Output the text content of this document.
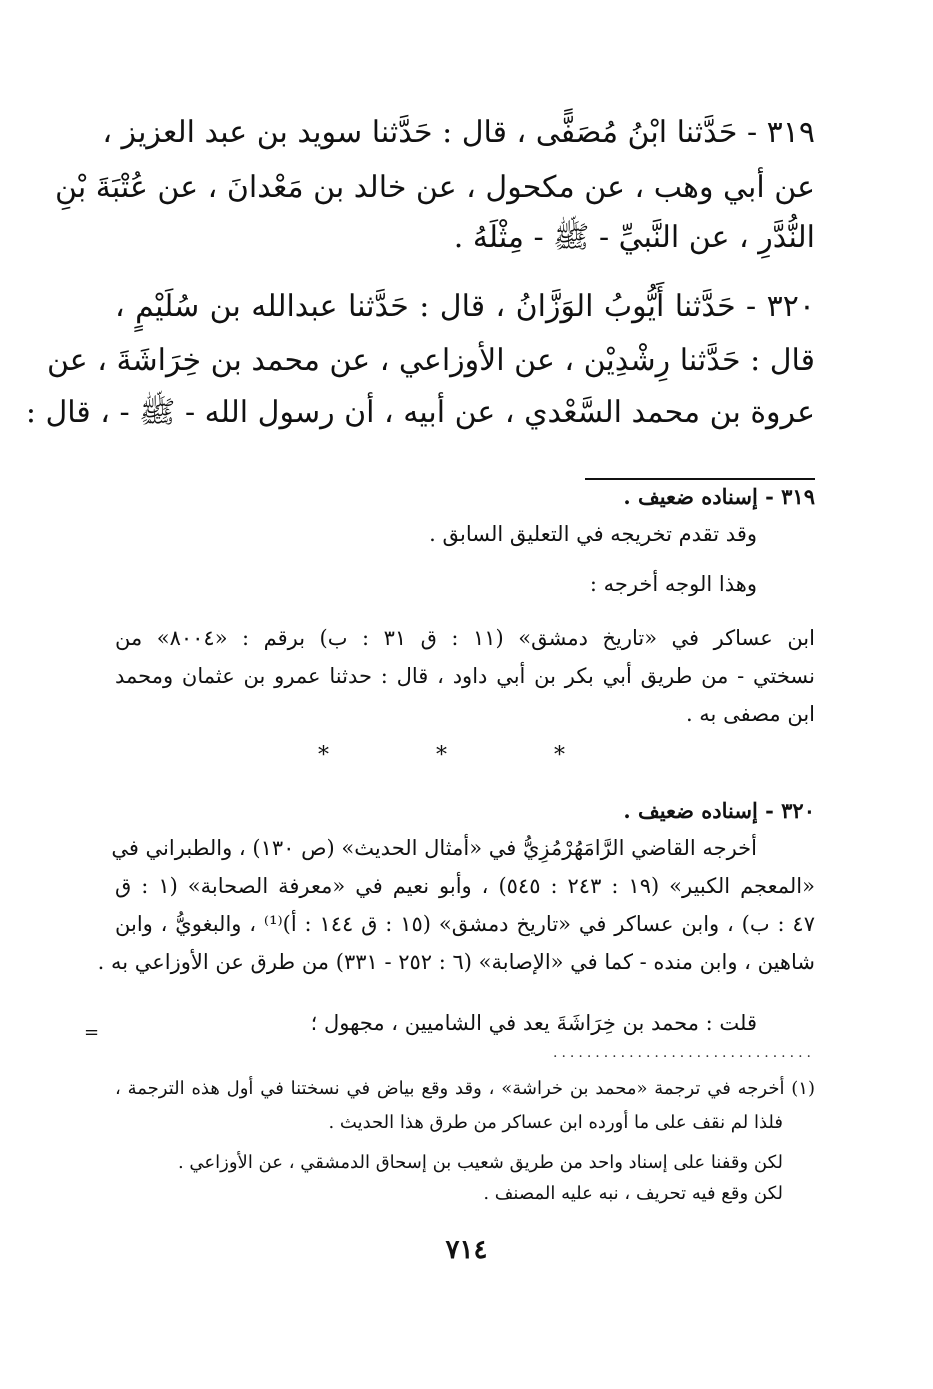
٣١٩ - حَدَّثنا ابْنُ مُصَفًّى ، قال : حَدَّثنا سويد بن عبد العزيز ،
عن أبي وهب ، عن مكحول ، عن خالد بن مَعْدانَ ، عن عُتْبَةَ بْنِ
النُّدَّرِ ، عن النَّبيِّ - ﷺ - مِثْلَهُ .
٣٢٠ - حَدَّثنا أَيُّوبُ الوَزَّانُ ، قال : حَدَّثنا عبدالله بن سُلَيْمٍ ،
قال : حَدَّثنا رِشْدِيْن ، عن الأوزاعي ، عن محمد بن خِرَاشَةَ ، عن
عروة بن محمد السَّعْدي ، عن أبيه ، أن رسول الله - ﷺ - ، قال :
٣١٩ - إسناده ضعيف .
وقد تقدم تخريجه في التعليق السابق .
وهذا الوجه أخرجه :
ابن عساكر في «تاريخ دمشق» (١١ : ق ٣١ : ب) برقم : «٨٠٠٤» من
نسختي - من طريق أبي بكر بن أبي داود ، قال : حدثنا عمرو بن عثمان ومحمد
ابن مصفى به .
* * *
٣٢٠ - إسناده ضعيف .
أخرجه القاضي الرَّامَهُرْمُزِيُّ في «أمثال الحديث» (ص ١٣٠) ، والطبراني في
«المعجم الكبير» (١٩ : ٢٤٣ : ٥٤٥) ، وأبو نعيم في «معرفة الصحابة» (١ : ق
٤٧ : ب) ، وابن عساكر في «تاريخ دمشق» (١٥ : ق ١٤٤ : أ)⁽¹⁾ ، والبغويُّ ، وابن
شاهين ، وابن منده - كما في «الإصابة» (٦ : ٢٥٢ - ٣٣١) من طرق عن الأوزاعي به .
قلت : محمد بن خِرَاشَةَ يعد في الشاميين ، مجهول ؛
=
...............................
(١) أخرجه في ترجمة «محمد بن خراشة» ، وقد وقع بياض في نسختنا في أول هذه الترجمة ،
فلذا لم نقف على ما أورده ابن عساكر من طرق هذا الحديث .
لكن وقفنا على إسناد واحد من طريق شعيب بن إسحاق الدمشقي ، عن الأوزاعي .
لكن وقع فيه تحريف ، نبه عليه المصنف .
٧١٤
